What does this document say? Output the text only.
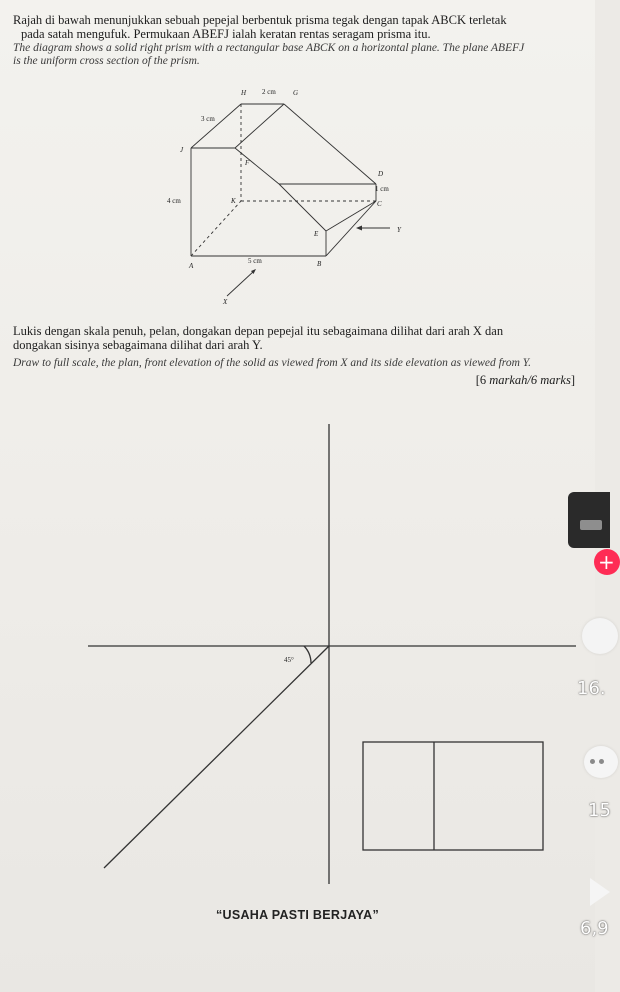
Rajah di bawah menunjukkan sebuah pepejal berbentuk prisma tegak dengan tapak ABCK terletak
pada satah mengufuk. Permukaan ABEFJ ialah keratan rentas seragam prisma itu.
The diagram shows a solid right prism with a rectangular base ABCK on a horizontal plane. The plane ABEFJ
is the uniform cross section of the prism.
H 2 cm G
3 cm
J
F
D
1 cm
C
4 cm	K
E	Y
A
5 cm	B
X
Lukis dengan skala penuh, pelan, dongakan depan pepejal itu sebagaimana dilihat dari arah X dan
dongakan sisinya sebagaimana dilihat dari arah Y.
Draw to full scale, the plan, front elevation of the solid as viewed from X and its side elevation as viewed from Y.
[6 markah/6 marks]
45°
“USAHA PASTI BERJAYA”
+
16.
15
6,9
